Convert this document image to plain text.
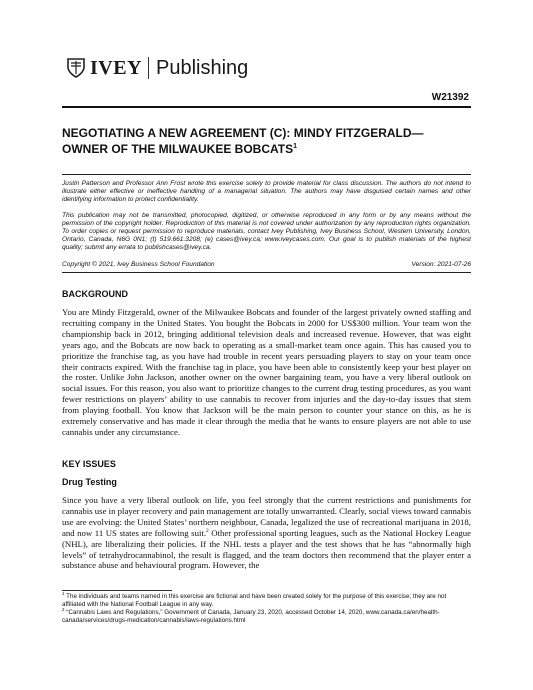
IVEY Publishing
W21392
NEGOTIATING A NEW AGREEMENT (C): MINDY FITZGERALD—
OWNER OF THE MILWAUKEE BOBCATS$^1$
Justin Patterson and Professor Ann Frost wrote this exercise solely to provide material for class discussion. The authors do not intend to illustrate either effective or ineffective handling of a managerial situation. The authors may have disguised certain names and other identifying information to protect confidentiality.
This publication may not be transmitted, photocopied, digitized, or otherwise reproduced in any form or by any means without the permission of the copyright holder. Reproduction of this material is not covered under authorization by any reproduction rights organization. To order copies or request permission to reproduce materials, contact Ivey Publishing, Ivey Business School, Western University, London, Ontario, Canada, N6G 0N1; (t) 519.661.3208; (e) cases@ivey.ca; www.iveycases.com. Our goal is to publish materials of the highest quality; submit any errata to publishcases@ivey.ca.
Copyright © 2021, Ivey Business School Foundation	Version: 2021-07-26
BACKGROUND
You are Mindy Fitzgerald, owner of the Milwaukee Bobcats and founder of the largest privately owned staffing and recruiting company in the United States. You bought the Bobcats in 2000 for US$300 million. Your team won the championship back in 2012, bringing additional television deals and increased revenue. However, that was eight years ago, and the Bobcats are now back to operating as a small-market team once again. This has caused you to prioritize the franchise tag, as you have had trouble in recent years persuading players to stay on your team once their contracts expired. With the franchise tag in place, you have been able to consistently keep your best player on the roster. Unlike John Jackson, another owner on the owner bargaining team, you have a very liberal outlook on social issues. For this reason, you also want to prioritize changes to the current drug testing procedures, as you want fewer restrictions on players’ ability to use cannabis to recover from injuries and the day-to-day issues that stem from playing football. You know that Jackson will be the main person to counter your stance on this, as he is extremely conservative and has made it clear through the media that he wants to ensure players are not able to use cannabis under any circumstance.
KEY ISSUES
Drug Testing
Since you have a very liberal outlook on life, you feel strongly that the current restrictions and punishments for cannabis use in player recovery and pain management are totally unwarranted. Clearly, social views toward cannabis use are evolving: the United States’ northern neighbour, Canada, legalized the use of recreational marijuana in 2018, and now 11 US states are following suit.$^2$ Other professional sporting leagues, such as the National Hockey League (NHL), are liberalizing their policies. If the NHL tests a player and the test shows that he has “abnormally high levels” of tetrahydrocannabinol, the result is flagged, and the team doctors then recommend that the player enter a substance abuse and behavioural program. However, the
$^1$ The individuals and teams named in this exercise are fictional and have been created solely for the purpose of this exercise; they are not affiliated with the National Football League in any way.
$^2$ “Cannabis Laws and Regulations,” Government of Canada, January 23, 2020, accessed October 14, 2020, www.canada.ca/en/health-canada/services/drugs-medication/cannabis/laws-regulations.html
